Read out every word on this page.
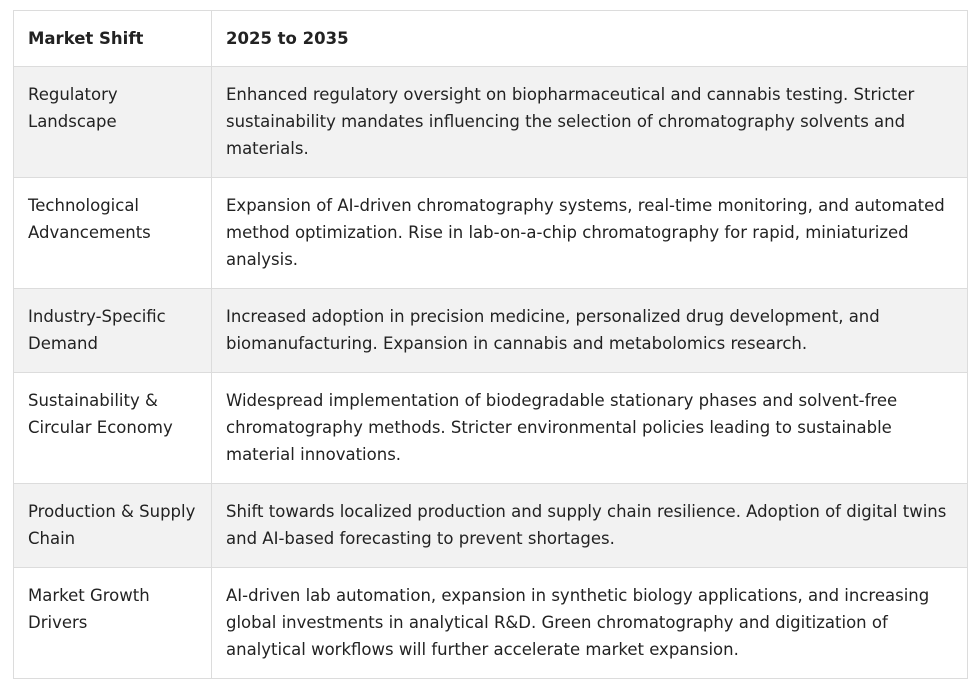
Market Shift	2025 to 2035
Regulatory Landscape	Enhanced regulatory oversight on biopharmaceutical and cannabis testing. Stricter sustainability mandates influencing the selection of chromatography solvents and materials.
Technological Advancements	Expansion of AI-driven chromatography systems, real-time monitoring, and automated method optimization. Rise in lab-on-a-chip chromatography for rapid, miniaturized analysis.
Industry-Specific Demand	Increased adoption in precision medicine, personalized drug development, and biomanufacturing. Expansion in cannabis and metabolomics research.
Sustainability & Circular Economy	Widespread implementation of biodegradable stationary phases and solvent-free chromatography methods. Stricter environmental policies leading to sustainable material innovations.
Production & Supply Chain	Shift towards localized production and supply chain resilience. Adoption of digital twins and AI-based forecasting to prevent shortages.
Market Growth Drivers	AI-driven lab automation, expansion in synthetic biology applications, and increasing global investments in analytical R&D. Green chromatography and digitization of analytical workflows will further accelerate market expansion.
